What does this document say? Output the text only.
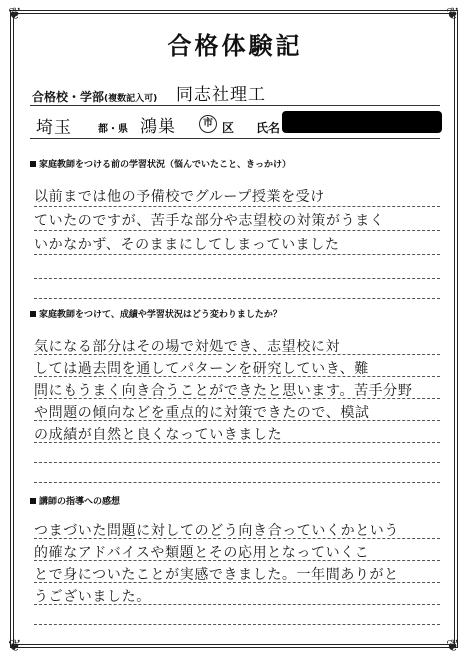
❦	❦
❦	❦
合格体験記
合格校・学部(複数記入可) 同志社理工
埼玉	都・県 鴻巣	市 区 氏名
家庭教師をつける前の学習状況（悩んでいたこと、きっかけ）
以前までは他の予備校でグループ授業を受け
ていたのですが、苦手な部分や志望校の対策がうまく
いかなかず、そのままにしてしまっていました
家庭教師をつけて、成績や学習状況はどう変わりましたか？
気になる部分はその場で対処でき、志望校に対
しては過去問を通してパターンを研究していき、難
問にもうまく向き合うことができたと思います。苦手分野
や問題の傾向などを重点的に対策できたので、模試
の成績が自然と良くなっていきました
講師の指導への感想
つまづいた問題に対してのどう向き合っていくかという
的確なアドバイスや類題とその応用となっていくこ
とで身についたことが実感できました。一年間ありがと
うございました。
